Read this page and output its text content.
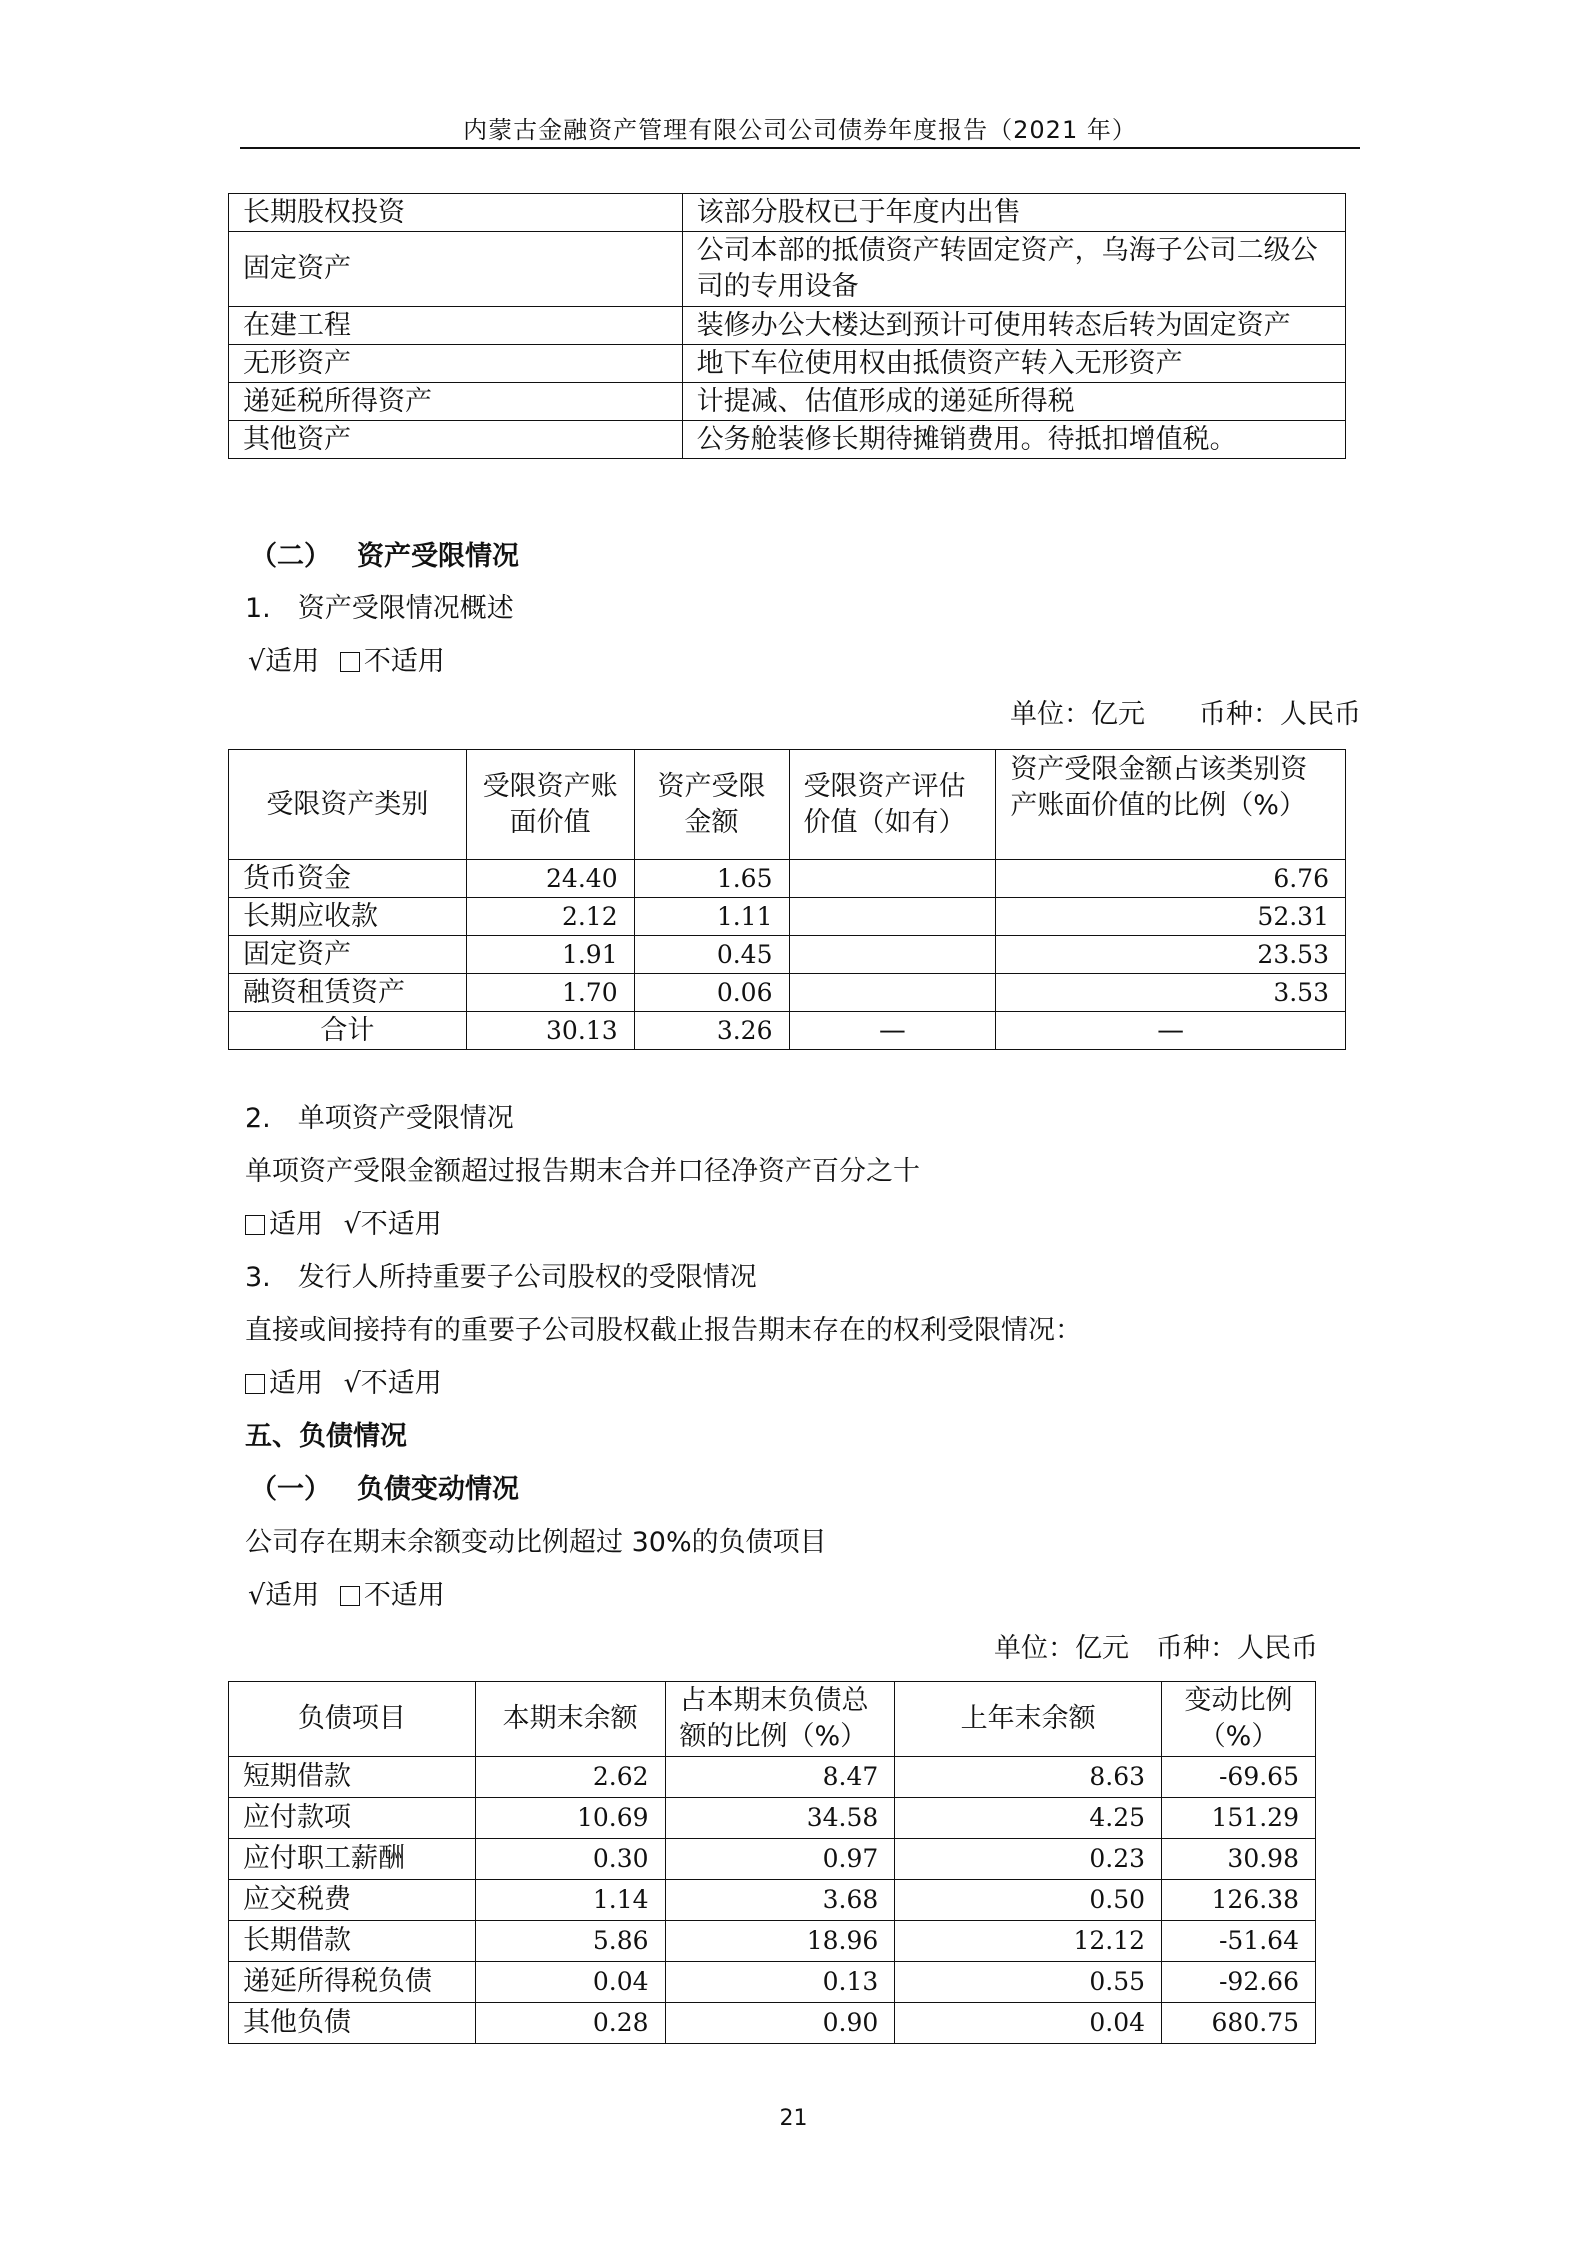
内蒙古金融资产管理有限公司公司债券年度报告（2021 年）
长期股权投资	该部分股权已于年度内出售
固定资产	公司本部的抵债资产转固定资产，乌海子公司二级公司的专用设备
在建工程	装修办公大楼达到预计可使用转态后转为固定资产
无形资产	地下车位使用权由抵债资产转入无形资产
递延税所得资产	计提减、估值形成的递延所得税
其他资产	公务舱装修长期待摊销费用。待抵扣增值税。
（二） 资产受限情况
1.　资产受限情况概述
√适用 不适用
单位：亿元　　币种：人民币
受限资产类别	受限资产账面价值	资产受限金额	受限资产评估价值（如有）	资产受限金额占该类别资产账面价值的比例（%）
货币资金	24.40	1.65		6.76
长期应收款	2.12	1.11		52.31
固定资产	1.91	0.45		23.53
融资租赁资产	1.70	0.06		3.53
合计	30.13	3.26	—	—
2.　单项资产受限情况
单项资产受限金额超过报告期末合并口径净资产百分之十
适用 √不适用
3.　发行人所持重要子公司股权的受限情况
直接或间接持有的重要子公司股权截止报告期末存在的权利受限情况：
适用 √不适用
五、负债情况
（一） 负债变动情况
公司存在期末余额变动比例超过 30%的负债项目
√适用 不适用
单位：亿元　币种：人民币
负债项目	本期末余额	占本期末负债总额的比例（%）	上年末余额	变动比例（%）
短期借款	2.62	8.47	8.63	-69.65
应付款项	10.69	34.58	4.25	151.29
应付职工薪酬	0.30	0.97	0.23	30.98
应交税费	1.14	3.68	0.50	126.38
长期借款	5.86	18.96	12.12	-51.64
递延所得税负债	0.04	0.13	0.55	-92.66
其他负债	0.28	0.90	0.04	680.75
21
